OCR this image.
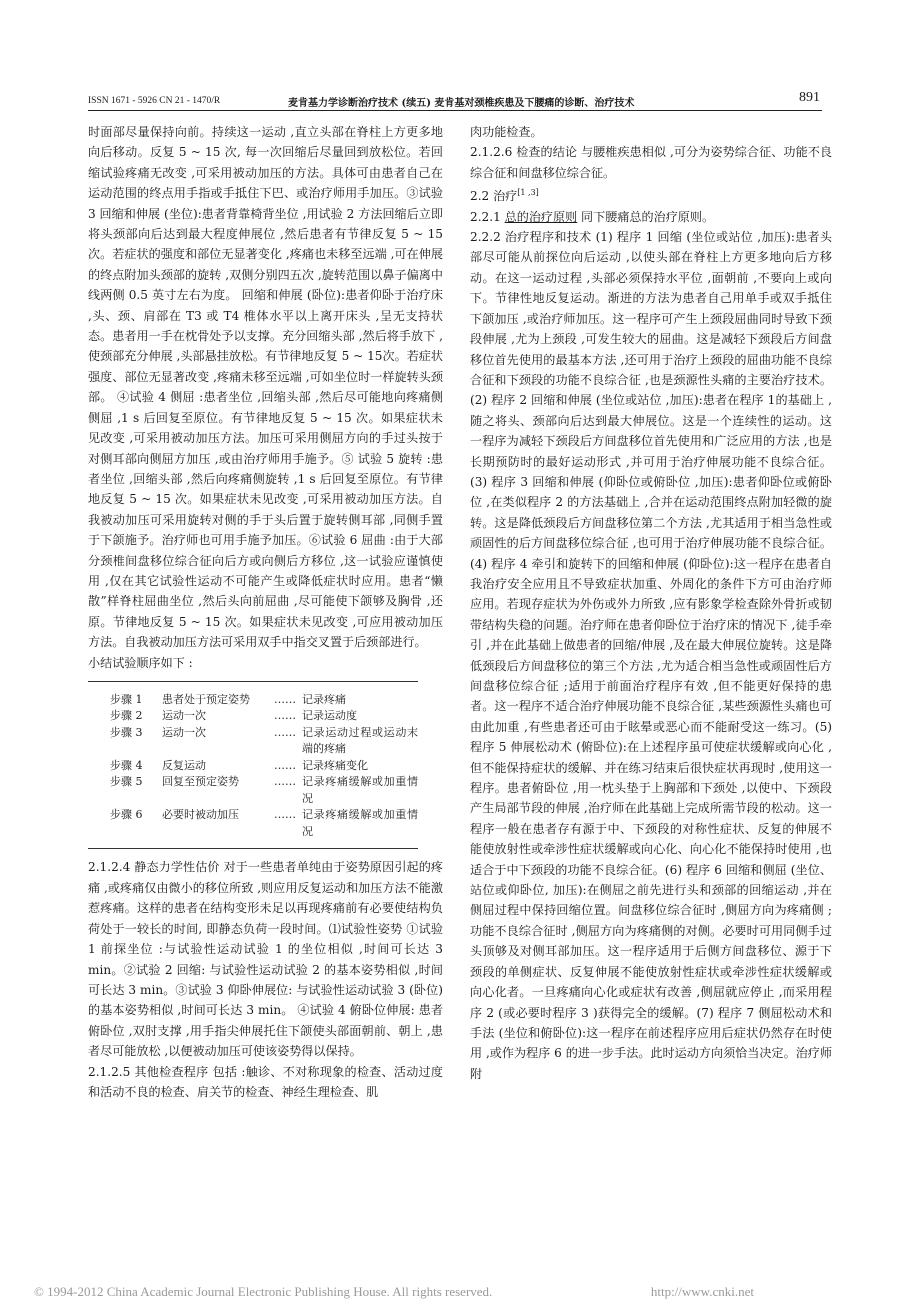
ISSN 1671 - 5926 CN 21 - 1470/R	麦肯基力学诊断治疗技术 (续五) 麦肯基对颈椎疾患及下腰痛的诊断、治疗技术	891

时面部尽量保持向前。持续这一运动 ,直立头部在脊柱上方更多地向后移动。反复 5 ~ 15 次, 每一次回缩后尽量回到放松位。若回缩试验疼痛无改变 ,可采用被动加压的方法。具体可由患者自己在运动范围的终点用手指或手抵住下巴、或治疗师用手加压。③试验 3 回缩和伸展 (坐位):患者背靠椅背坐位 ,用试验 2 方法回缩后立即将头颈部向后达到最大程度伸展位 ,然后患者有节律反复 5 ~ 15 次。若症状的强度和部位无显著变化 ,疼痛也未移至远端 ,可在伸展的终点附加头颈部的旋转 ,双侧分别四五次 ,旋转范围以鼻子偏离中线两侧 0.5 英寸左右为度。 回缩和伸展 (卧位):患者仰卧于治疗床 ,头、颈、肩部在 T3 或 T4 椎体水平以上离开床头 ,呈无支持状态。患者用一手在枕骨处予以支撑。充分回缩头部 ,然后将手放下 ,使颈部充分伸展 ,头部悬挂放松。有节律地反复 5 ~ 15次。若症状强度、部位无显著改变 ,疼痛未移至远端 ,可如坐位时一样旋转头颈部。 ④试验 4 侧屈 :患者坐位 ,回缩头部 ,然后尽可能地向疼痛侧侧屈 ,1 s 后回复至原位。有节律地反复 5 ~ 15 次。如果症状未见改变 ,可采用被动加压方法。加压可采用侧屈方向的手过头按于对侧耳部向侧屈方加压 ,或由治疗师用手施予。⑤ 试验 5 旋转 :患者坐位 ,回缩头部 ,然后向疼痛侧旋转 ,1 s 后回复至原位。有节律地反复 5 ~ 15 次。如果症状未见改变 ,可采用被动加压方法。自我被动加压可采用旋转对侧的手于头后置于旋转侧耳部 ,同侧手置于下颌施予。治疗师也可用手施予加压。⑥试验 6 屈曲 :由于大部分颈椎间盘移位综合征向后方或向侧后方移位 ,这一试验应谨慎使用 ,仅在其它试验性运动不可能产生或降低症状时应用。患者“懒散”样脊柱屈曲坐位 ,然后头向前屈曲 ,尽可能使下颌够及胸骨 ,还原。节律地反复 5 ~ 15 次。如果症状未见改变 ,可应用被动加压方法。自我被动加压方法可采用双手中指交叉置于后颈部进行。

小结试验顺序如下 :

步骤 1	患者处于预定姿势	……	记录疼痛
步骤 2	运动一次	……	记录运动度
步骤 3	运动一次	……	记录运动过程或运动末端的疼痛
步骤 4	反复运动	……	记录疼痛变化
步骤 5	回复至预定姿势	……	记录疼痛缓解或加重情况
步骤 6	必要时被动加压	……	记录疼痛缓解或加重情况

2.1.2.4 静态力学性估价 对于一些患者单纯由于姿势原因引起的疼痛 ,或疼痛仅由微小的移位所致 ,则应用反复运动和加压方法不能激惹疼痛。这样的患者在结构变形未足以再现疼痛前有必要使结构负荷处于一较长的时间, 即静态负荷一段时间。⑴试验性姿势 ①试验 1 前探坐位 :与试验性运动试验 1 的坐位相似 ,时间可长达 3 min。②试验 2 回缩: 与试验性运动试验 2 的基本姿势相似 ,时间可长达 3 min。③试验 3 仰卧伸展位: 与试验性运动试验 3 (卧位) 的基本姿势相似 ,时间可长达 3 min。 ④试验 4 俯卧位伸展: 患者俯卧位 ,双肘支撑 ,用手指尖伸展托住下颌使头部面朝前、朝上 ,患者尽可能放松 ,以便被动加压可使该姿势得以保持。

2.1.2.5 其他检查程序 包括 :触诊、不对称现象的检查、活动过度和活动不良的检查、肩关节的检查、神经生理检查、肌

肉功能检查。

2.1.2.6 检查的结论 与腰椎疾患相似 ,可分为姿势综合征、功能不良综合征和间盘移位综合征。

2.2 治疗[1 ,3]

2.2.1 总的治疗原则 同下腰痛总的治疗原则。

2.2.2 治疗程序和技术 (1) 程序 1 回缩 (坐位或站位 ,加压):患者头部尽可能从前探位向后运动 ,以使头部在脊柱上方更多地向后方移动。在这一运动过程 ,头部必须保持水平位 ,面朝前 ,不要向上或向下。节律性地反复运动。渐进的方法为患者自己用单手或双手抵住下颌加压 ,或治疗师加压。这一程序可产生上颈段屈曲同时导致下颈段伸展 ,尤为上颈段 ,可发生较大的屈曲。这是减轻下颈段后方间盘移位首先使用的最基本方法 ,还可用于治疗上颈段的屈曲功能不良综合征和下颈段的功能不良综合征 ,也是颈源性头痛的主要治疗技术。(2) 程序 2 回缩和伸展 (坐位或站位 ,加压):患者在程序 1的基础上 ,随之将头、颈部向后达到最大伸展位。这是一个连续性的运动。这一程序为减轻下颈段后方间盘移位首先使用和广泛应用的方法 ,也是长期预防时的最好运动形式 ,并可用于治疗伸展功能不良综合征。(3) 程序 3 回缩和伸展 (仰卧位或俯卧位 ,加压):患者仰卧位或俯卧位 ,在类似程序 2 的方法基础上 ,合并在运动范围终点附加轻微的旋转。这是降低颈段后方间盘移位第二个方法 ,尤其适用于相当急性或顽固性的后方间盘移位综合征 ,也可用于治疗伸展功能不良综合征。(4) 程序 4 牵引和旋转下的回缩和伸展 (仰卧位):这一程序在患者自我治疗安全应用且不导致症状加重、外周化的条件下方可由治疗师应用。若现存症状为外伤或外力所致 ,应有影象学检查除外骨折或韧带结构失稳的问题。治疗师在患者仰卧位于治疗床的情况下 ,徒手牵引 ,并在此基础上做患者的回缩/伸展 ,及在最大伸展位旋转。这是降低颈段后方间盘移位的第三个方法 ,尤为适合相当急性或顽固性后方间盘移位综合征 ;适用于前面治疗程序有效 ,但不能更好保持的患者。这一程序不适合治疗伸展功能不良综合征 ,某些颈源性头痛也可由此加重 ,有些患者还可由于眩晕或恶心而不能耐受这一练习。(5)程序 5 伸展松动术 (俯卧位):在上述程序虽可使症状缓解或向心化 ,但不能保持症状的缓解、并在练习结束后很快症状再现时 ,使用这一程序。患者俯卧位 ,用一枕头垫于上胸部和下颈处 ,以使中、下颈段产生局部节段的伸展 ,治疗师在此基础上完成所需节段的松动。这一程序一般在患者存有源于中、下颈段的对称性症状、反复的伸展不能使放射性或牵涉性症状缓解或向心化、向心化不能保持时使用 ,也适合于中下颈段的功能不良综合征。(6) 程序 6 回缩和侧屈 (坐位、站位或仰卧位, 加压):在侧屈之前先进行头和颈部的回缩运动 ,并在侧屈过程中保持回缩位置。间盘移位综合征时 ,侧屈方向为疼痛侧 ;功能不良综合征时 ,侧屈方向为疼痛侧的对侧。必要时可用同侧手过头顶够及对侧耳部加压。这一程序适用于后侧方间盘移位、源于下颈段的单侧症状、反复伸展不能使放射性症状或牵涉性症状缓解或向心化者。一旦疼痛向心化或症状有改善 ,侧屈就应停止 ,而采用程序 2 (或必要时程序 3 )获得完全的缓解。(7) 程序 7 侧屈松动术和手法 (坐位和俯卧位):这一程序在前述程序应用后症状仍然存在时使用 ,或作为程序 6 的进一步手法。此时运动方向须恰当决定。治疗师附

© 1994-2012 China Academic Journal Electronic Publishing House. All rights reserved.	http://www.cnki.net
